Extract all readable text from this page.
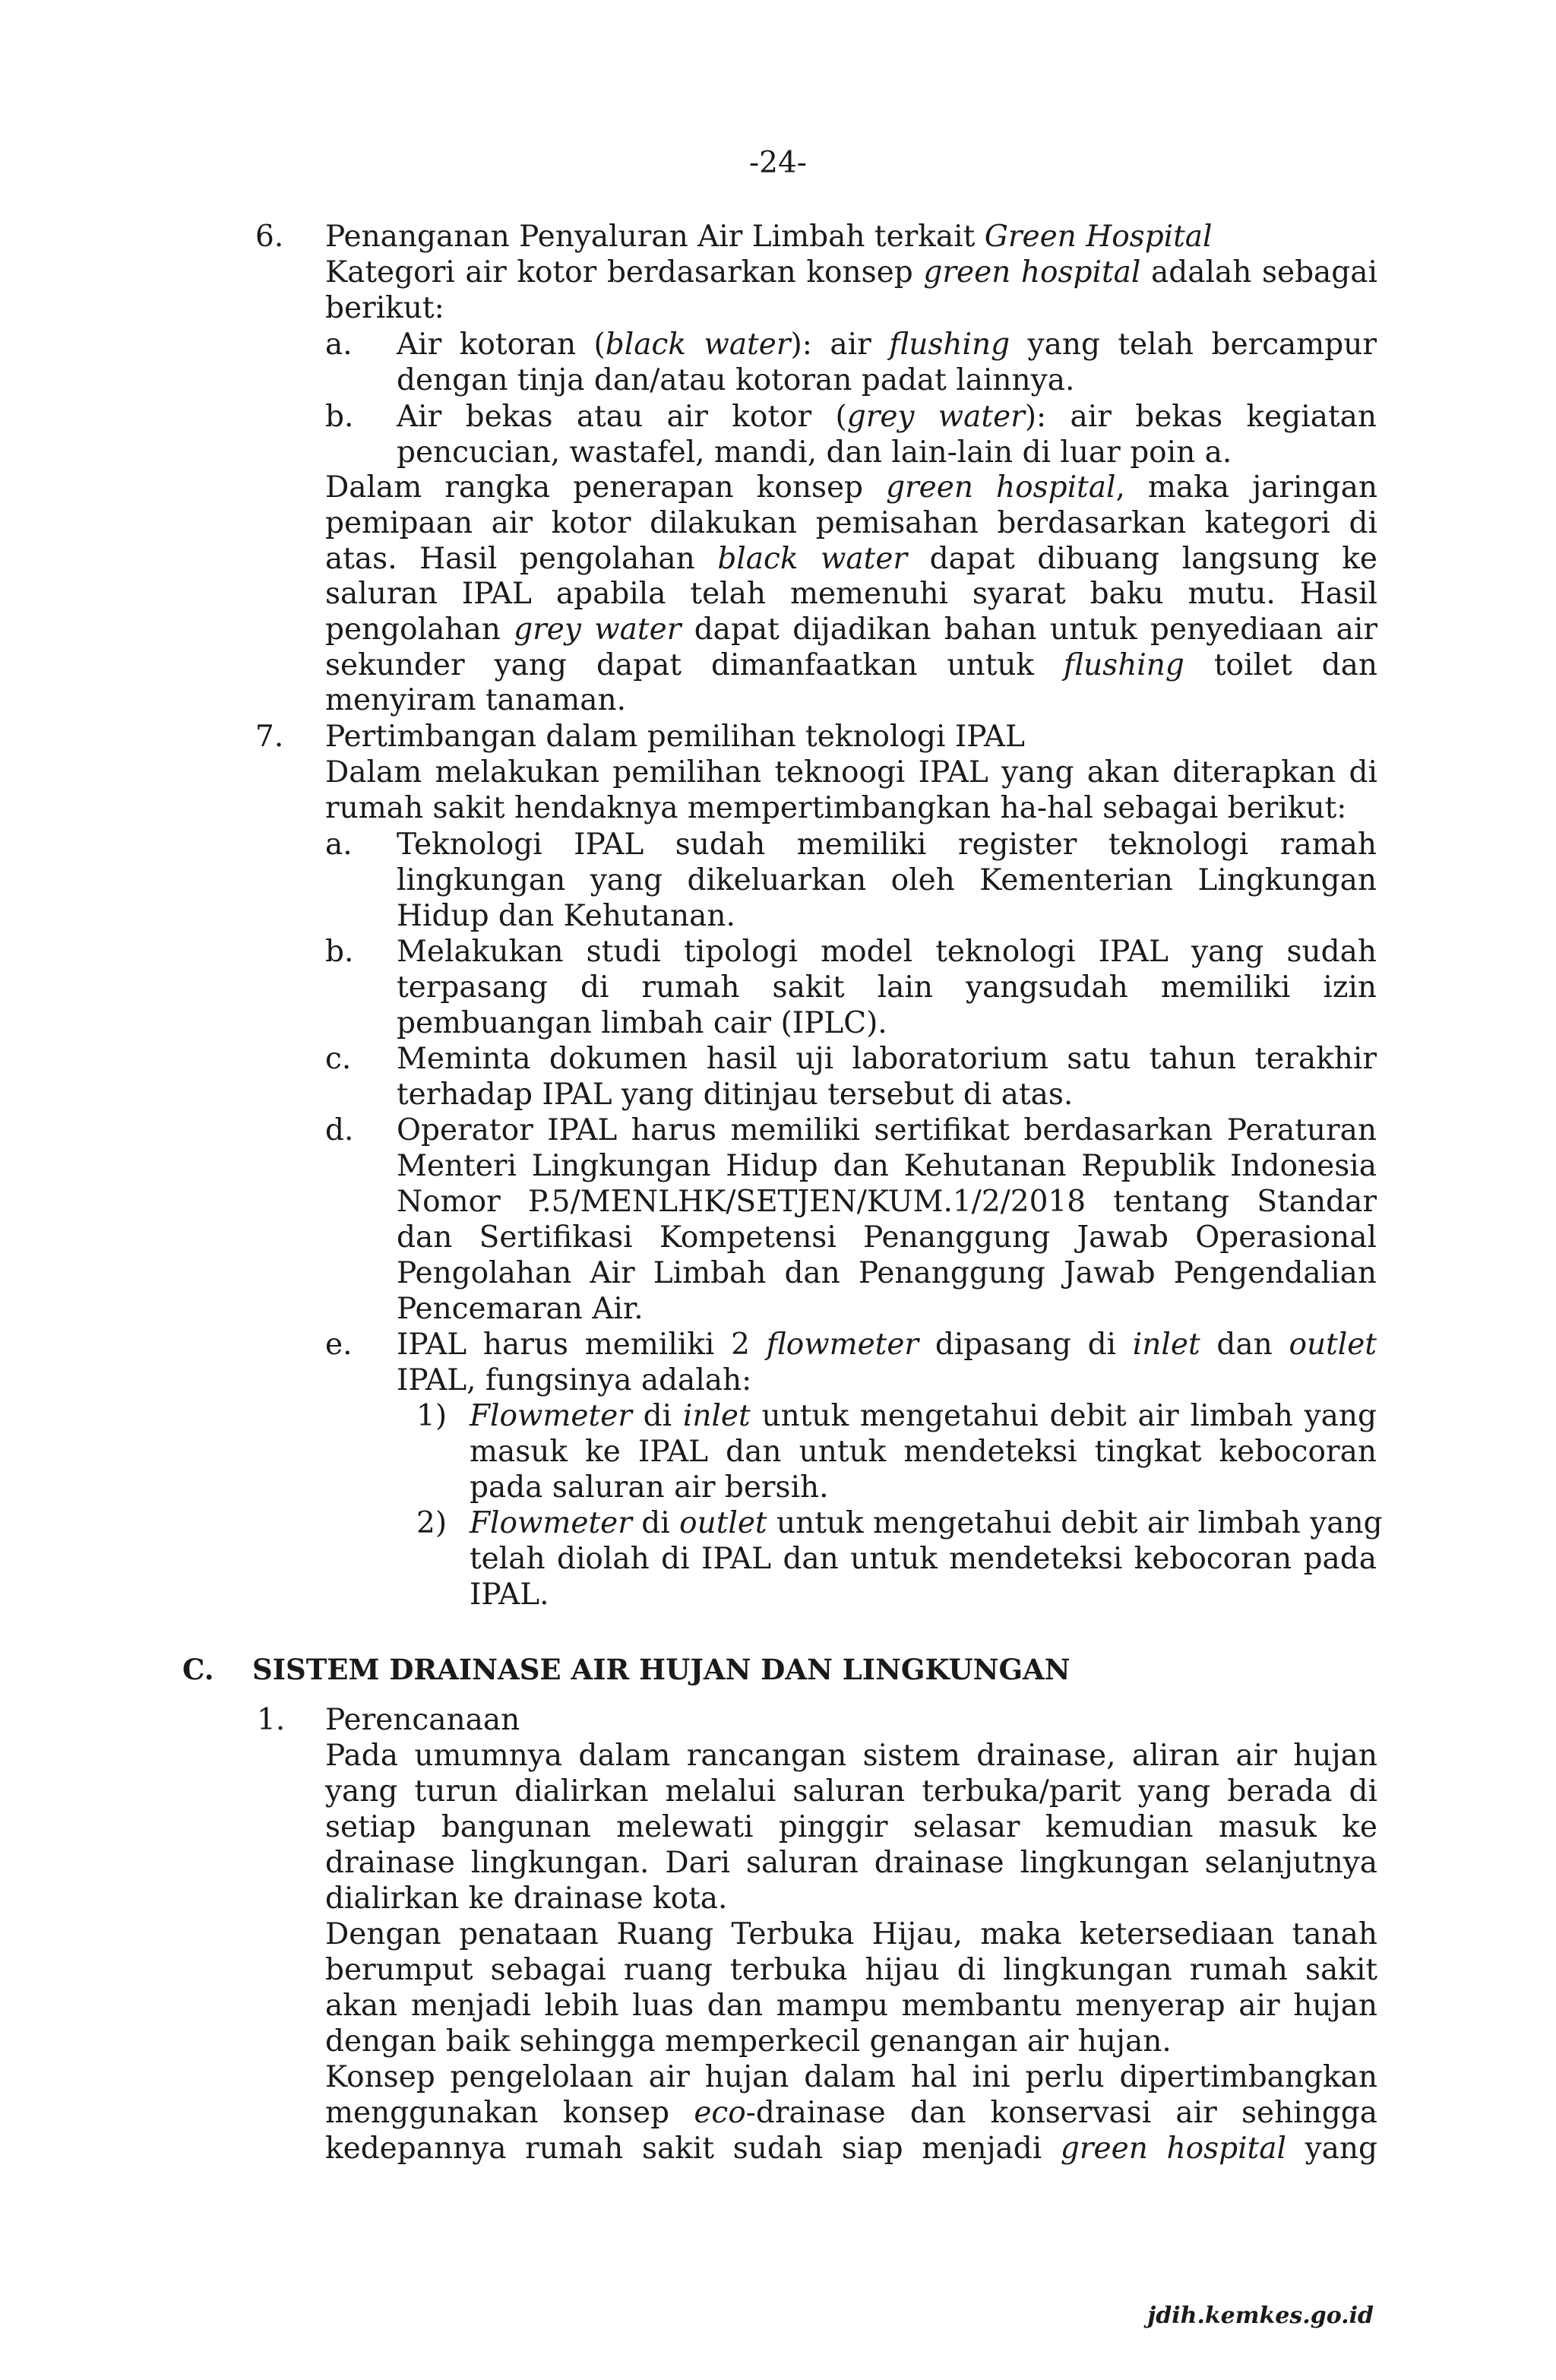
-24-
6. Penanganan Penyaluran Air Limbah terkait Green Hospital
Kategori air kotor berdasarkan konsep green hospital adalah sebagai
berikut:
a. Air kotoran (black water): air flushing yang telah bercampur
dengan tinja dan/atau kotoran padat lainnya.
b. Air bekas atau air kotor (grey water): air bekas kegiatan
pencucian, wastafel, mandi, dan lain-lain di luar poin a.
Dalam rangka penerapan konsep green hospital, maka jaringan
pemipaan air kotor dilakukan pemisahan berdasarkan kategori di
atas. Hasil pengolahan black water dapat dibuang langsung ke
saluran IPAL apabila telah memenuhi syarat baku mutu. Hasil
pengolahan grey water dapat dijadikan bahan untuk penyediaan air
sekunder yang dapat dimanfaatkan untuk flushing toilet dan
menyiram tanaman.
7. Pertimbangan dalam pemilihan teknologi IPAL
Dalam melakukan pemilihan teknoogi IPAL yang akan diterapkan di
rumah sakit hendaknya mempertimbangkan ha-hal sebagai berikut:
a. Teknologi IPAL sudah memiliki register teknologi ramah
lingkungan yang dikeluarkan oleh Kementerian Lingkungan
Hidup dan Kehutanan.
b. Melakukan studi tipologi model teknologi IPAL yang sudah
terpasang di rumah sakit lain yangsudah memiliki izin
pembuangan limbah cair (IPLC).
c. Meminta dokumen hasil uji laboratorium satu tahun terakhir
terhadap IPAL yang ditinjau tersebut di atas.
d. Operator IPAL harus memiliki sertifikat berdasarkan Peraturan
Menteri Lingkungan Hidup dan Kehutanan Republik Indonesia
Nomor P.5/MENLHK/SETJEN/KUM.1/2/2018 tentang Standar
dan Sertifikasi Kompetensi Penanggung Jawab Operasional
Pengolahan Air Limbah dan Penanggung Jawab Pengendalian
Pencemaran Air.
e. IPAL harus memiliki 2 flowmeter dipasang di inlet dan outlet
IPAL, fungsinya adalah:
1) Flowmeter di inlet untuk mengetahui debit air limbah yang
masuk ke IPAL dan untuk mendeteksi tingkat kebocoran
pada saluran air bersih.
2) Flowmeter di outlet untuk mengetahui debit air limbah yang
telah diolah di IPAL dan untuk mendeteksi kebocoran pada
IPAL.
C. SISTEM DRAINASE AIR HUJAN DAN LINGKUNGAN
1. Perencanaan
Pada umumnya dalam rancangan sistem drainase, aliran air hujan
yang turun dialirkan melalui saluran terbuka/parit yang berada di
setiap bangunan melewati pinggir selasar kemudian masuk ke
drainase lingkungan. Dari saluran drainase lingkungan selanjutnya
dialirkan ke drainase kota.
Dengan penataan Ruang Terbuka Hijau, maka ketersediaan tanah
berumput sebagai ruang terbuka hijau di lingkungan rumah sakit
akan menjadi lebih luas dan mampu membantu menyerap air hujan
dengan baik sehingga memperkecil genangan air hujan.
Konsep pengelolaan air hujan dalam hal ini perlu dipertimbangkan
menggunakan konsep eco-drainase dan konservasi air sehingga
kedepannya rumah sakit sudah siap menjadi green hospital yang
jdih.kemkes.go.id
